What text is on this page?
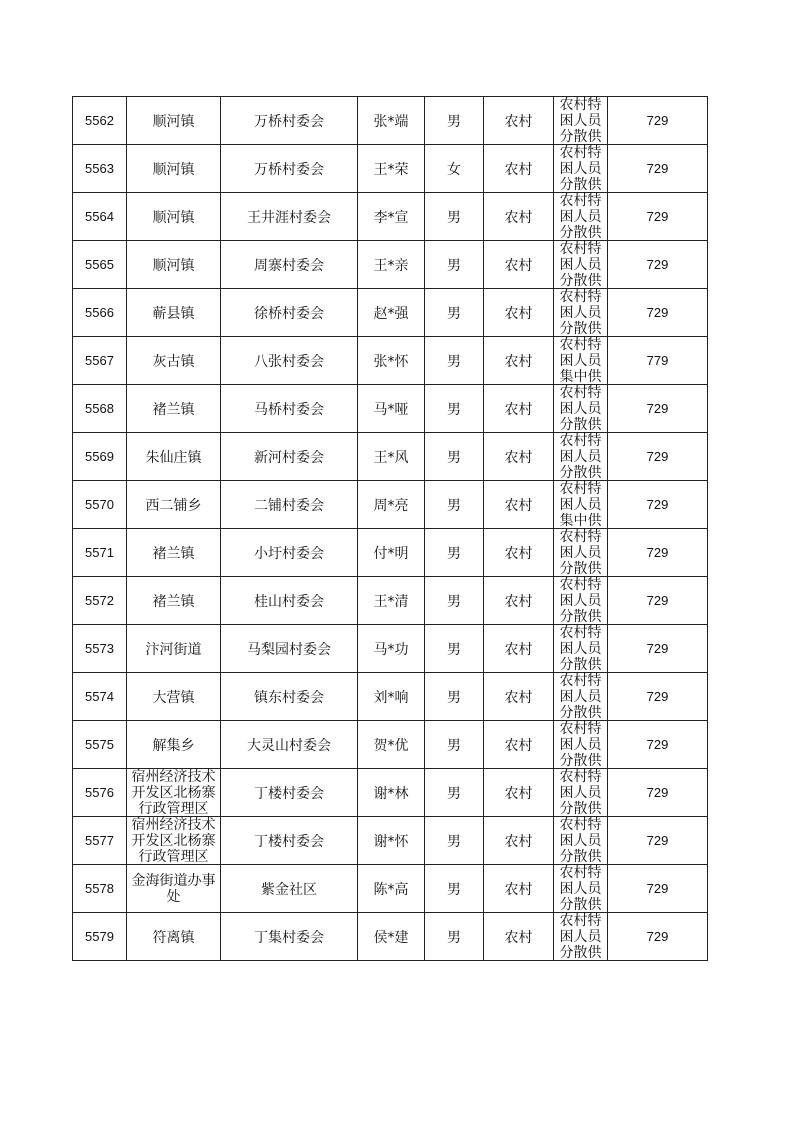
5562	顺河镇	万桥村委会	张*端	男	农村	农村特困人员分散供	729

5563	顺河镇	万桥村委会	王*荣	女	农村	农村特困人员分散供	729

5564	顺河镇	王井涯村委会	李*宣	男	农村	农村特困人员分散供	729

5565	顺河镇	周寨村委会	王*亲	男	农村	农村特困人员分散供	729

5566	蕲县镇	徐桥村委会	赵*强	男	农村	农村特困人员分散供	729

5567	灰古镇	八张村委会	张*怀	男	农村	农村特困人员集中供	779

5568	褚兰镇	马桥村委会	马*哑	男	农村	农村特困人员分散供	729

5569	朱仙庄镇	新河村委会	王*风	男	农村	农村特困人员分散供	729

5570	西二铺乡	二铺村委会	周*亮	男	农村	农村特困人员集中供	729

5571	褚兰镇	小圩村委会	付*明	男	农村	农村特困人员分散供	729

5572	褚兰镇	桂山村委会	王*清	男	农村	农村特困人员分散供	729

5573	汴河街道	马梨园村委会	马*功	男	农村	农村特困人员分散供	729

5574	大营镇	镇东村委会	刘*响	男	农村	农村特困人员分散供	729

5575	解集乡	大灵山村委会	贺*优	男	农村	农村特困人员分散供	729

5576	宿州经济技术开发区北杨寨行政管理区	丁楼村委会	谢*林	男	农村	农村特困人员分散供	729

5577	宿州经济技术开发区北杨寨行政管理区	丁楼村委会	谢*怀	男	农村	农村特困人员分散供	729

5578	金海街道办事处	紫金社区	陈*高	男	农村	农村特困人员分散供	729

5579	符离镇	丁集村委会	侯*建	男	农村	农村特困人员分散供	729
